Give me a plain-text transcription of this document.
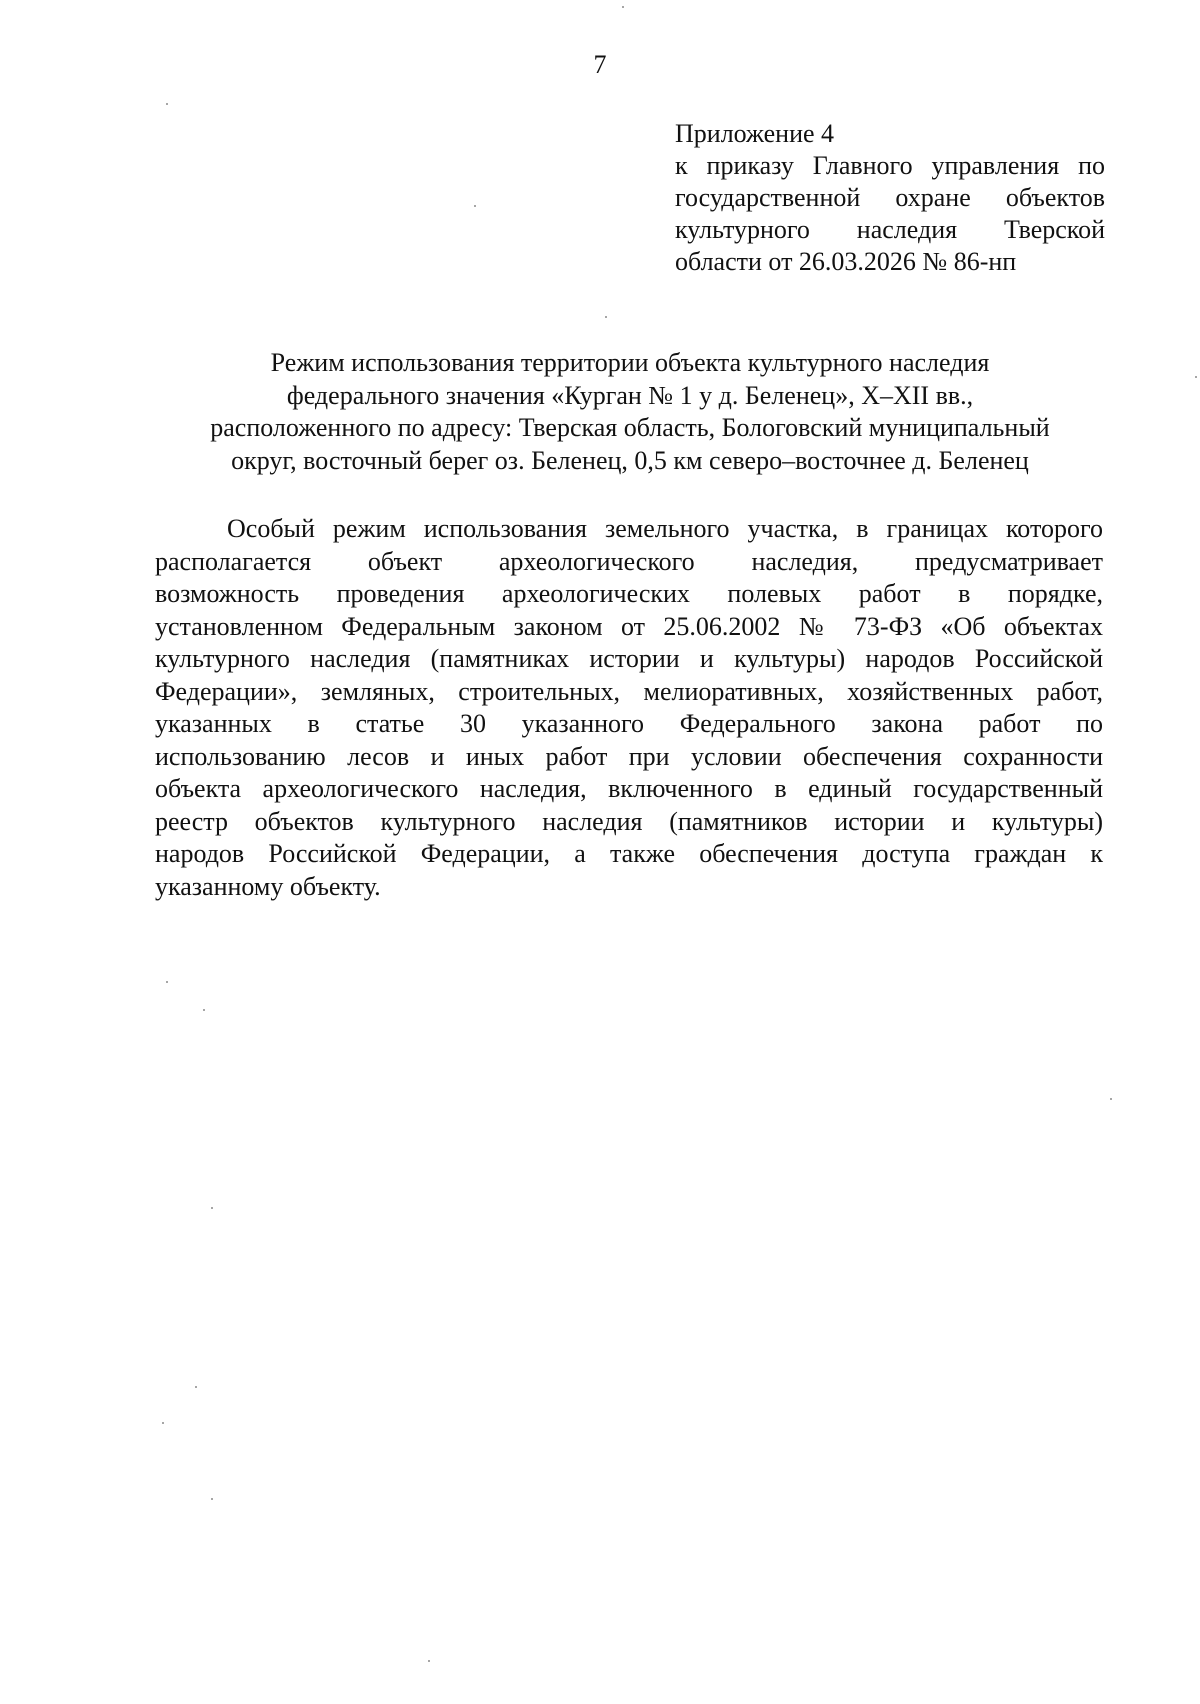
7
Приложение 4
к приказу Главного управления по
государственной охране объектов
культурного наследия Тверской
области от 26.03.2026 № 86-нп
Режим использования территории объекта культурного наследия
федерального значения «Курган № 1 у д. Беленец», X–XII вв.,
расположенного по адресу: Тверская область, Бологовский муниципальный
округ, восточный берег оз. Беленец, 0,5 км северо–восточнее д. Беленец
Особый режим использования земельного участка, в границах которого
располагается объект археологического наследия, предусматривает
возможность проведения археологических полевых работ в порядке,
установленном Федеральным законом от 25.06.2002 № 73-ФЗ «Об объектах
культурного наследия (памятниках истории и культуры) народов Российской
Федерации», земляных, строительных, мелиоративных, хозяйственных работ,
указанных в статье 30 указанного Федерального закона работ по
использованию лесов и иных работ при условии обеспечения сохранности
объекта археологического наследия, включенного в единый государственный
реестр объектов культурного наследия (памятников истории и культуры)
народов Российской Федерации, а также обеспечения доступа граждан к
указанному объекту.
